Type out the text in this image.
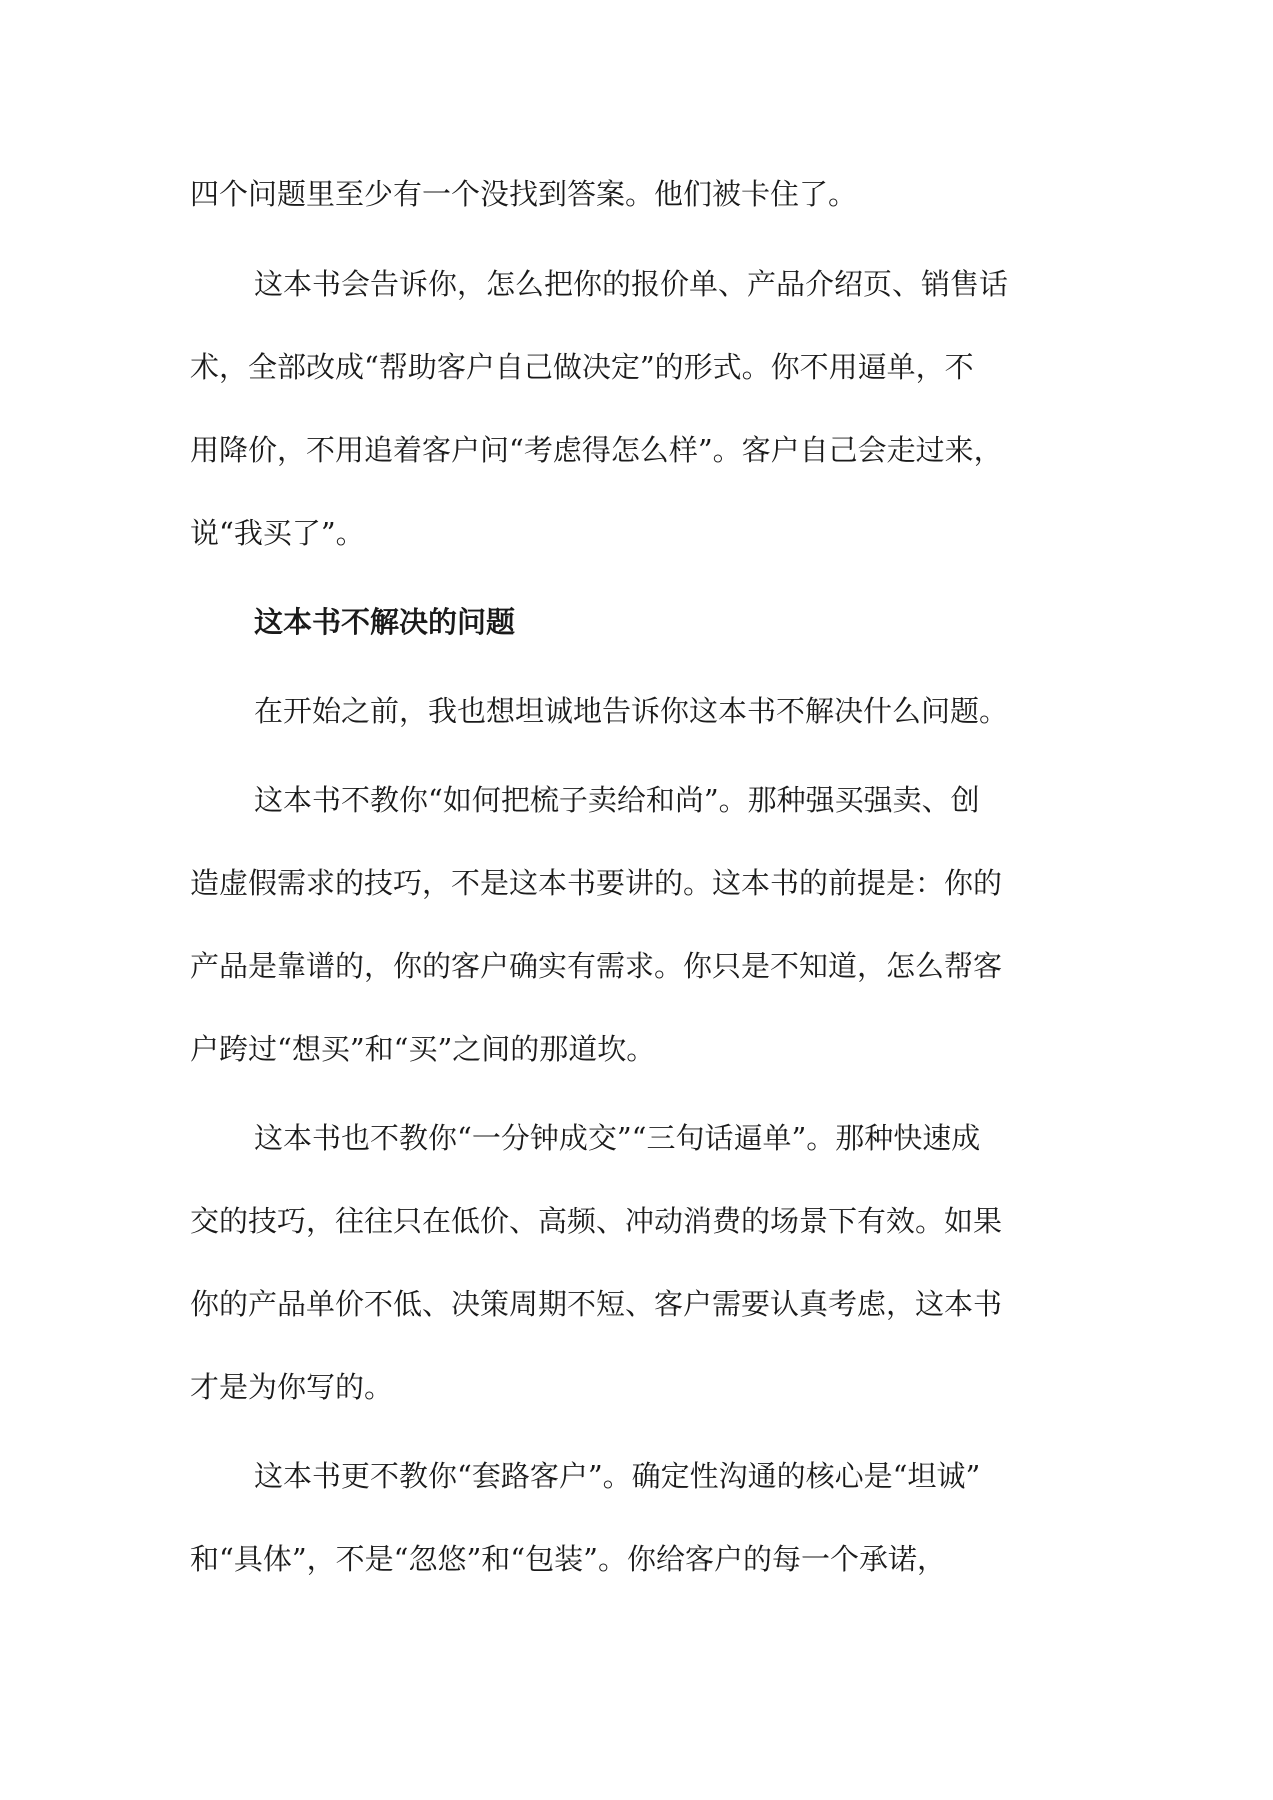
四个问题里至少有一个没找到答案。他们被卡住了。
这本书会告诉你，怎么把你的报价单、产品介绍页、销售话
术，全部改成“帮助客户自己做决定”的形式。你不用逼单，不
用降价，不用追着客户问“考虑得怎么样”。客户自己会走过来，
说“我买了”。
这本书不解决的问题
在开始之前，我也想坦诚地告诉你这本书不解决什么问题。
这本书不教你“如何把梳子卖给和尚”。那种强买强卖、创
造虚假需求的技巧，不是这本书要讲的。这本书的前提是：你的
产品是靠谱的，你的客户确实有需求。你只是不知道，怎么帮客
户跨过“想买”和“买”之间的那道坎。
这本书也不教你“一分钟成交”“三句话逼单”。那种快速成
交的技巧，往往只在低价、高频、冲动消费的场景下有效。如果
你的产品单价不低、决策周期不短、客户需要认真考虑，这本书
才是为你写的。
这本书更不教你“套路客户”。确定性沟通的核心是“坦诚”
和“具体”，不是“忽悠”和“包装”。你给客户的每一个承诺，
